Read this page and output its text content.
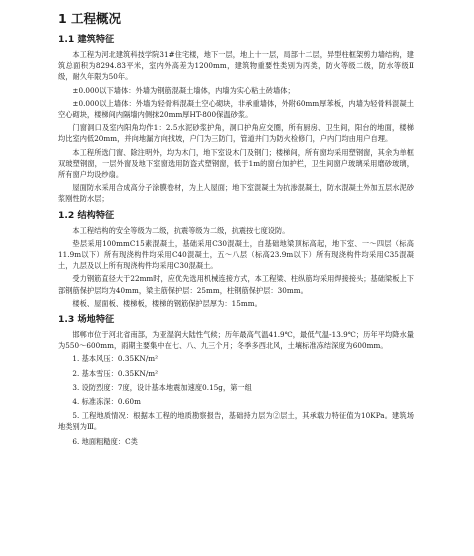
1 工程概况
1.1 建筑特征

本工程为河北建筑科技学院31#住宅楼，地下一层，地上十一层，局部十二层，异型柱框架剪力墙结构，建筑总面积为8294.83平米，室内外高差为1200mm，建筑物重要性类别为丙类，防火等级二级，防水等级Ⅱ级，耐久年限为50年。

±0.000以下墙体：外墙为钢筋混凝土墙体，内墙为实心粘土砖墙体；

±0.000以上墙体：外墙为轻骨料混凝土空心砌块，非承重墙体，外附60mm厚苯板，内墙为轻骨料混凝土空心砌块，楼梯间内隔墙内侧抹20mm厚HT-800保温砂浆。

门窗洞口及室内阳角均作1：2.5水泥砂浆护角，洞口护角应交圈，所有厨房、卫生间，阳台的地面，楼梯均比室内低20mm，并向地漏方向找坡，户门为三防门，管道井门为防火检修门，户内门均由用户自理。

本工程所选门窗、除注明外，均为木门，地下室设木门及钢门；楼梯间，所有窗均采用塑钢窗，其余为单框双玻塑钢窗，一层外窗及地下室窗选用防盗式塑钢窗，低于1m的窗台加护栏，卫生间窗户玻璃采用磨砂玻璃，所有窗户均设纱扇。

屋面防水采用合成高分子涂膜卷材，为上人屋面；地下室混凝土为抗渗混凝土，防水混凝土外加五层水泥砂浆刚性防水层；

1.2 结构特征

本工程结构的安全等级为二级，抗震等级为二级，抗震按七度设防。

垫层采用100mmC15素混凝土，基础采用C30混凝土，自基础地梁顶标高起，地下室、一～四层（标高11.9m以下）所有现浇构件均采用C40混凝土，五～八层（标高23.9m以下）所有现浇构件均采用C35混凝土，九层及以上所有现浇构件均采用C30混凝土。

受力钢筋直径大于22mm时，应优先选用机械连接方式，本工程梁、柱纵筋均采用焊接接头；基础梁板上下部钢筋保护层均为40mm，梁主筋保护层：25mm，柱钢筋保护层：30mm。

楼板、屋面板、楼梯板，楼梯的钢筋保护层厚为：15mm。

1.3 场地特征

邯郸市位于河北省南部，为亚湿润大陆性气候；历年最高气温41.9℃，最低气温-13.9℃；历年平均降水量为550～600mm，雨期主要集中在七、八、九三个月；冬季多西北风，土壤标准冻结深度为600mm。

1. 基本风压：0.35KN/m²

2. 基本雪压：0.35KN/m²

3. 设防烈度：7度，设计基本地震加速度0.15g，第一组

4. 标准冻深：0.60m

5. 工程地质情况：根据本工程的地质勘察报告，基础持力层为②层土，其承载力特征值为10KPa。建筑场地类别为Ⅲ。

6. 地面粗糙度：C类
